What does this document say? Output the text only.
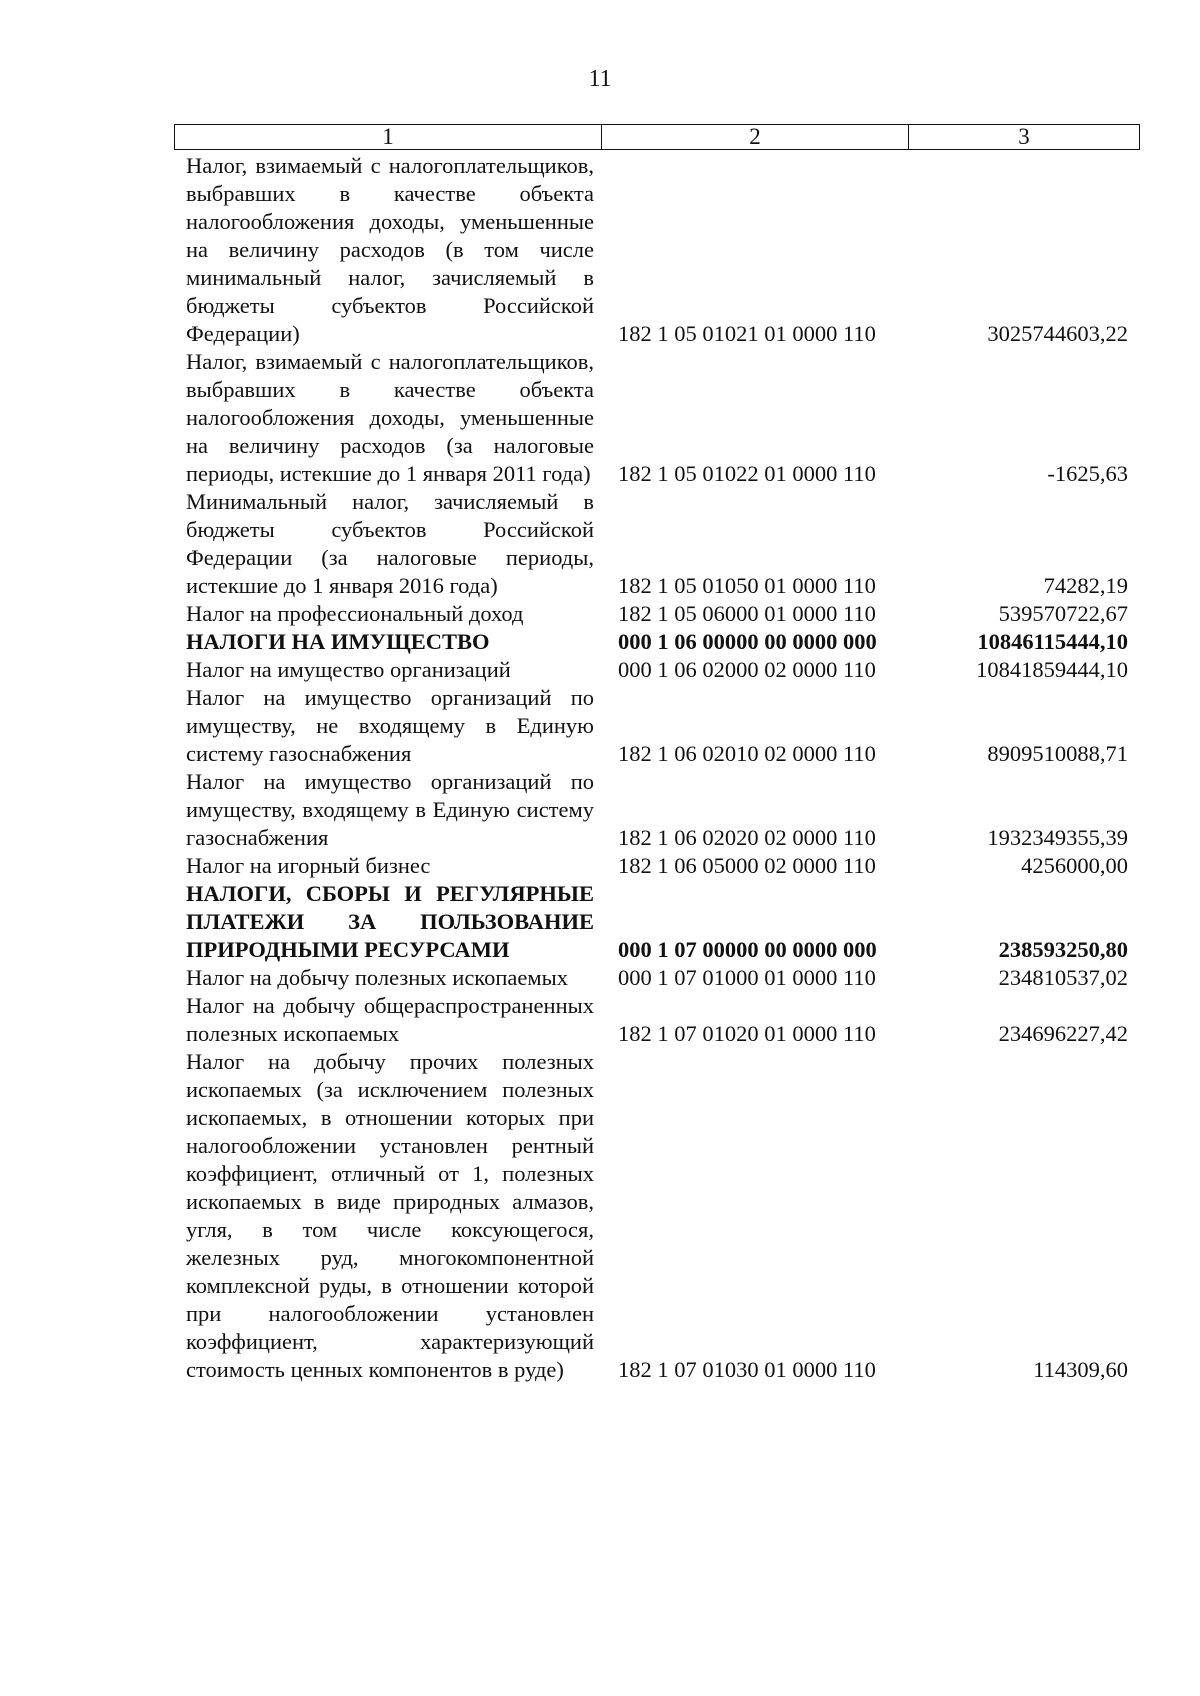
11
1	2	3
Налог, взимаемый с налогоплательщиков, выбравших в качестве объекта налогообложения доходы, уменьшенные на величину расходов (в том числе минимальный налог, зачисляемый в бюджеты субъектов Российской Федерации)	182 1 05 01021 01 0000 110	3025744603,22
Налог, взимаемый с налогоплательщиков, выбравших в качестве объекта налогообложения доходы, уменьшенные на величину расходов (за налоговые периоды, истекшие до 1 января 2011 года) 182 1 05 01022 01 0000 110	-1625,63
Минимальный налог, зачисляемый в бюджеты субъектов Российской Федерации (за налоговые периоды, истекшие до 1 января 2016 года)	182 1 05 01050 01 0000 110	74282,19
Налог на профессиональный доход	182 1 05 06000 01 0000 110	539570722,67
НАЛОГИ НА ИМУЩЕСТВО	000 1 06 00000 00 0000 000	10846115444,10
Налог на имущество организаций	000 1 06 02000 02 0000 110	10841859444,10
Налог на имущество организаций по имуществу, не входящему в Единую систему газоснабжения	182 1 06 02010 02 0000 110	8909510088,71
Налог на имущество организаций по имуществу, входящему в Единую систему газоснабжения	182 1 06 02020 02 0000 110	1932349355,39
Налог на игорный бизнес	182 1 06 05000 02 0000 110	4256000,00
НАЛОГИ, СБОРЫ И РЕГУЛЯРНЫЕ ПЛАТЕЖИ ЗА ПОЛЬЗОВАНИЕ ПРИРОДНЫМИ РЕСУРСАМИ	000 1 07 00000 00 0000 000	238593250,80
Налог на добычу полезных ископаемых	000 1 07 01000 01 0000 110	234810537,02
Налог на добычу общераспространенных полезных ископаемых	182 1 07 01020 01 0000 110	234696227,42
Налог на добычу прочих полезных ископаемых (за исключением полезных ископаемых, в отношении которых при налогообложении установлен рентный коэффициент, отличный от 1, полезных ископаемых в виде природных алмазов, угля, в том числе коксующегося, железных руд, многокомпонентной комплексной руды, в отношении которой при налогообложении установлен коэффициент, характеризующий стоимость ценных компонентов в руде)	182 1 07 01030 01 0000 110	114309,60
